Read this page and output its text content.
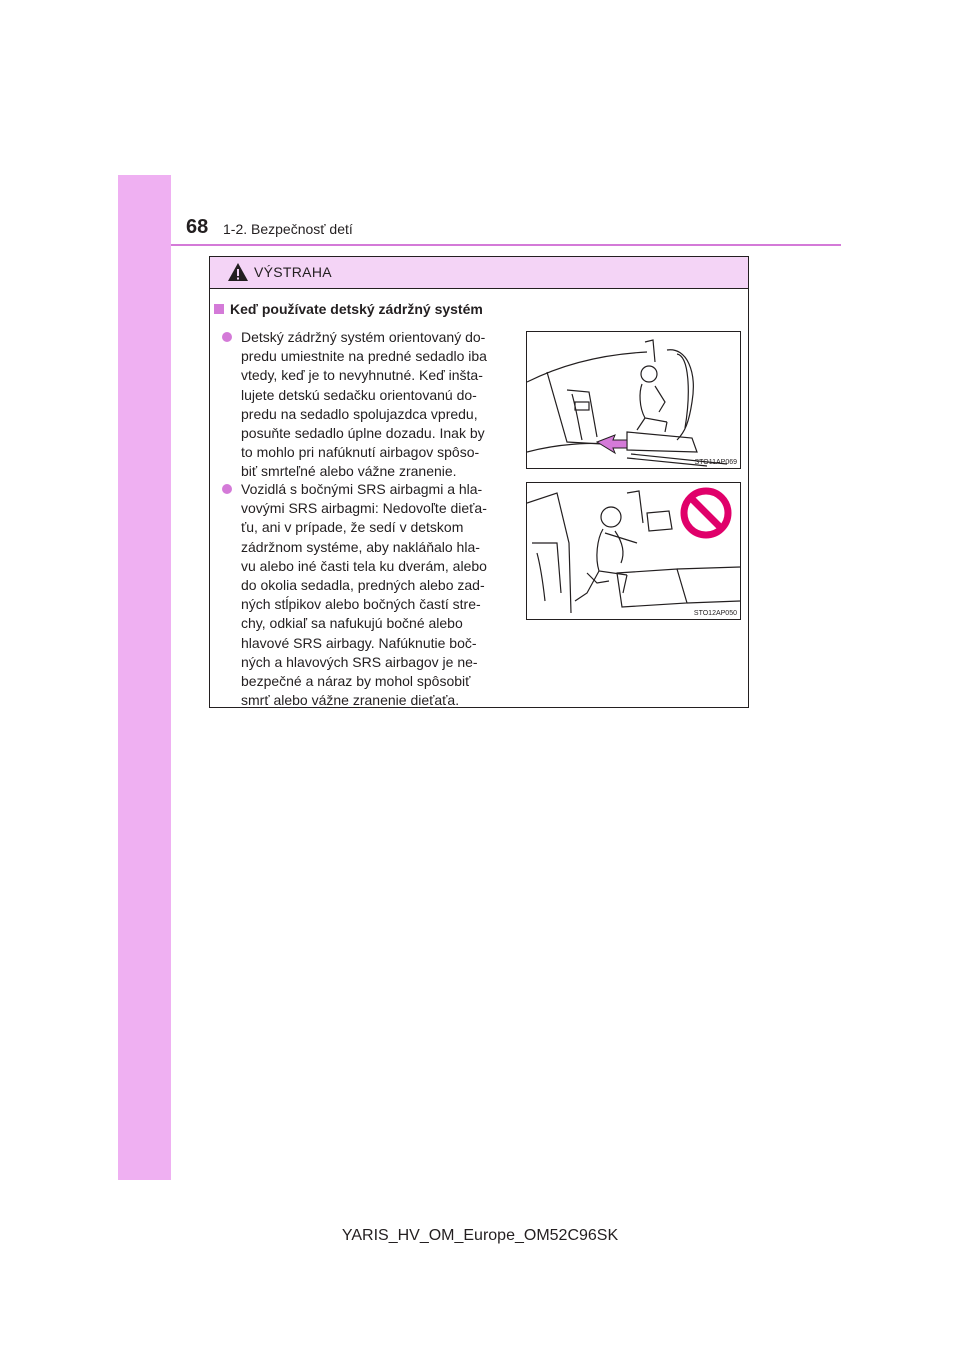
68 1-2. Bezpečnosť detí
VÝSTRAHA
Keď používate detský zádržný systém
Detský zádržný systém orientovaný do-
predu umiestnite na predné sedadlo iba
vtedy, keď je to nevyhnutné. Keď inšta-
lujete detskú sedačku orientovanú do-
predu na sedadlo spolujazdca vpredu,
posuňte sedadlo úplne dozadu. Inak by
to mohlo pri nafúknutí airbagov spôso-
biť smrteľné alebo vážne zranenie.
STO11AP069
Vozidlá s bočnými SRS airbagmi a hla-
vovými SRS airbagmi: Nedovoľte dieťa-
ťu, ani v prípade, že sedí v detskom
zádržnom systéme, aby nakláňalo hla-
vu alebo iné časti tela ku dverám, alebo
do okolia sedadla, predných alebo zad-
ných stĺpikov alebo bočných častí stre-
chy, odkiaľ sa nafukujú bočné alebo
hlavové SRS airbagy. Nafúknutie boč-
ných a hlavových SRS airbagov je ne-
bezpečné a náraz by mohol spôsobiť
smrť alebo vážne zranenie dieťaťa.
STO12AP050
YARIS_HV_OM_Europe_OM52C96SK
